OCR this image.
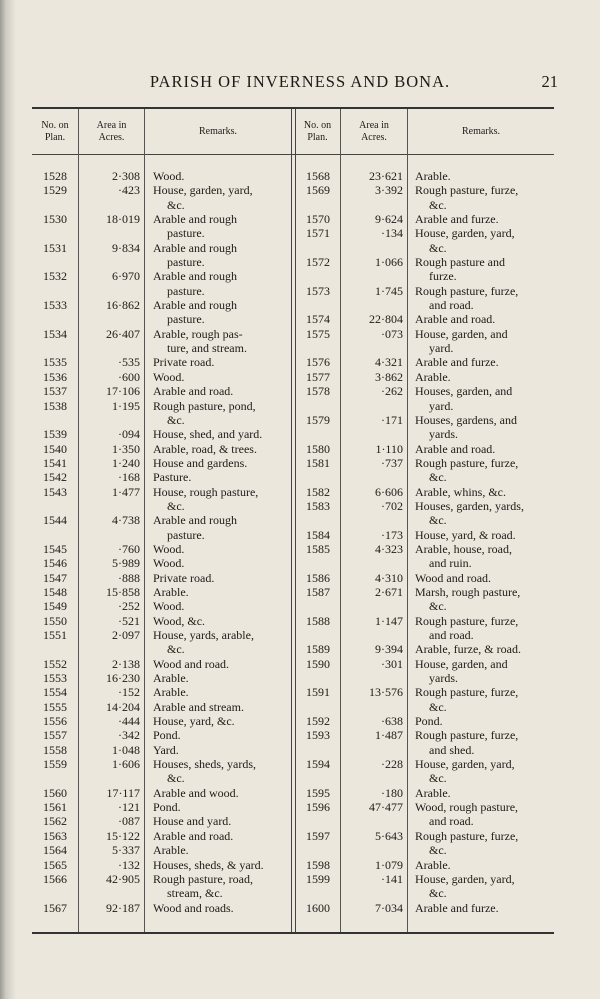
PARISH OF INVERNESS AND BONA.	21
No. on
Plan.
Area in
Acres.
Remarks.
No. on
Plan.
Area in
Acres.
Remarks.
1528	2·308 Wood.
1529	·423 House, garden, yard,
&c.
1530	18·019 Arable and rough
pasture.
1531	9·834 Arable and rough
pasture.
1532	6·970 Arable and rough
pasture.
1533	16·862 Arable and rough
pasture.
1534	26·407 Arable, rough pas-
ture, and stream.
1535	·535 Private road.
1536	·600 Wood.
1537	17·106 Arable and road.
1538	1·195 Rough pasture, pond,
&c.
1539	·094 House, shed, and yard.
1540	1·350 Arable, road, & trees.
1541	1·240 House and gardens.
1542	·168 Pasture.
1543	1·477 House, rough pasture,
&c.
1544	4·738 Arable and rough
pasture.
1545	·760 Wood.
1546	5·989 Wood.
1547	·888 Private road.
1548	15·858 Arable.
1549	·252 Wood.
1550	·521 Wood, &c.
1551	2·097 House, yards, arable,
&c.
1552	2·138 Wood and road.
1553	16·230 Arable.
1554	·152 Arable.
1555	14·204 Arable and stream.
1556	·444 House, yard, &c.
1557	·342 Pond.
1558	1·048 Yard.
1559	1·606 Houses, sheds, yards,
&c.
1560	17·117 Arable and wood.
1561	·121 Pond.
1562	·087 House and yard.
1563	15·122 Arable and road.
1564	5·337 Arable.
1565	·132 Houses, sheds, & yard.
1566	42·905 Rough pasture, road,
stream, &c.
1567	92·187 Wood and roads.
1568	23·621 Arable.
1569	3·392 Rough pasture, furze,
&c.
1570	9·624 Arable and furze.
1571	·134 House, garden, yard,
&c.
1572	1·066 Rough pasture and
furze.
1573	1·745 Rough pasture, furze,
and road.
1574	22·804 Arable and road.
1575	·073 House, garden, and
yard.
1576	4·321 Arable and furze.
1577	3·862 Arable.
1578	·262 Houses, garden, and
yard.
1579	·171 Houses, gardens, and
yards.
1580	1·110 Arable and road.
1581	·737 Rough pasture, furze,
&c.
1582	6·606 Arable, whins, &c.
1583	·702 Houses, garden, yards,
&c.
1584	·173 House, yard, & road.
1585	4·323 Arable, house, road,
and ruin.
1586	4·310 Wood and road.
1587	2·671 Marsh, rough pasture,
&c.
1588	1·147 Rough pasture, furze,
and road.
1589	9·394 Arable, furze, & road.
1590	·301 House, garden, and
yards.
1591	13·576 Rough pasture, furze,
&c.
1592	·638 Pond.
1593	1·487 Rough pasture, furze,
and shed.
1594	·228 House, garden, yard,
&c.
1595	·180 Arable.
1596	47·477 Wood, rough pasture,
and road.
1597	5·643 Rough pasture, furze,
&c.
1598	1·079 Arable.
1599	·141 House, garden, yard,
&c.
1600	7·034 Arable and furze.
